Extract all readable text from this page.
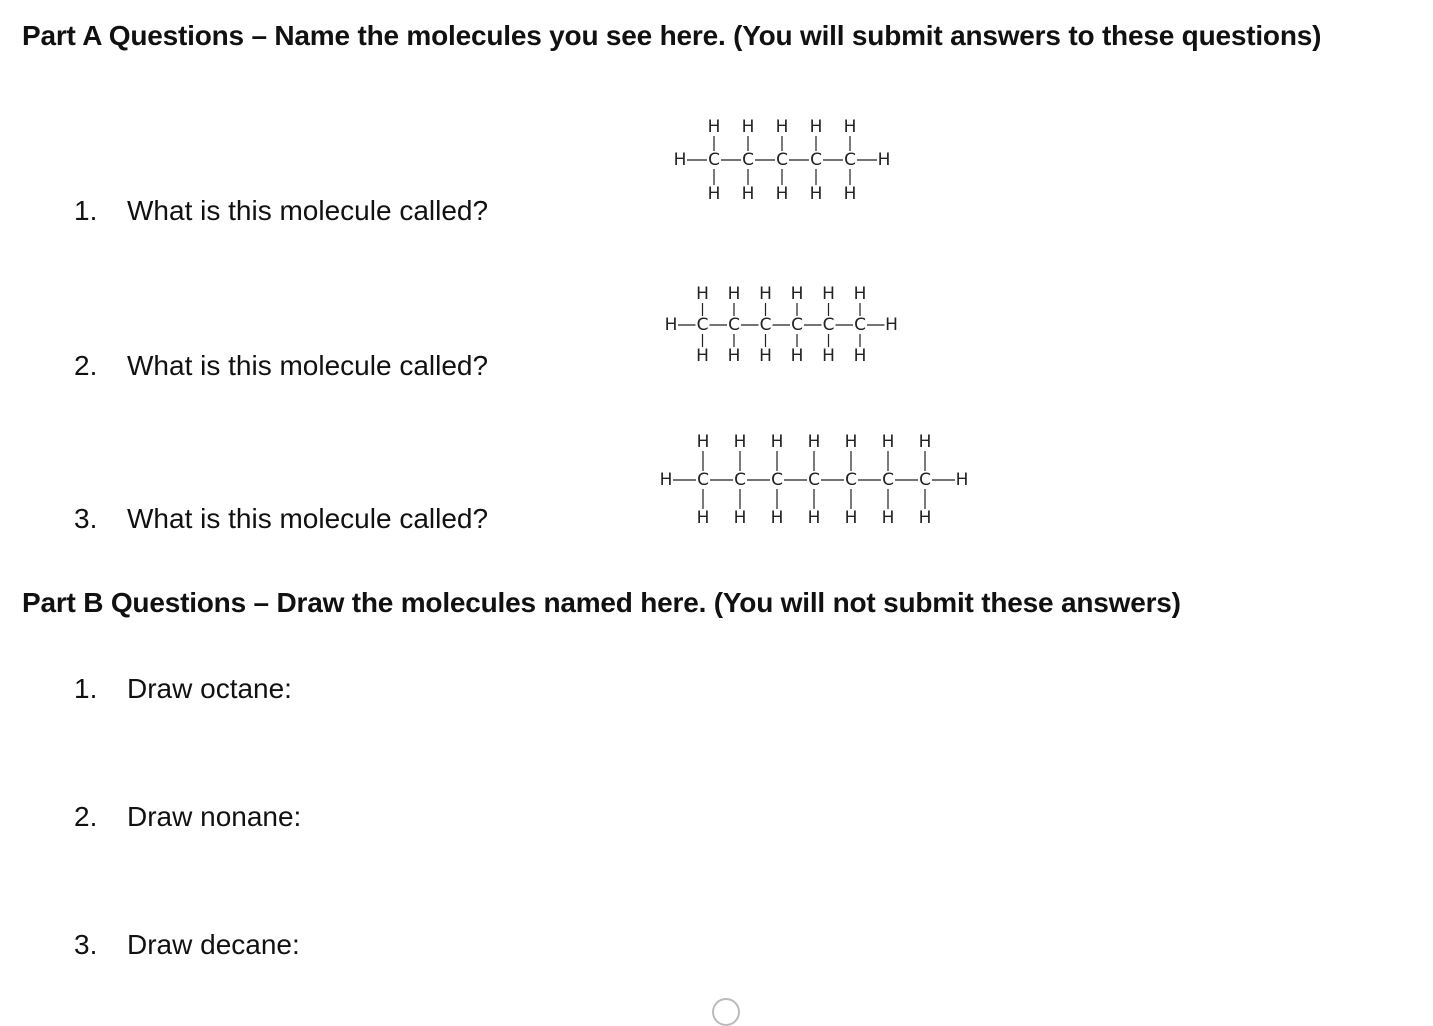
Part A Questions – Name the molecules you see here. (You will submit answers to these questions)
1. What is this molecule called?
2. What is this molecule called?
3. What is this molecule called?
H C
H
H
C
H
H
C
H
H
C
H
H
C
H
H
H
H C
H
H
C
H
H
C
H
H
C
H
H
C
H
H
C
H
H
H
H C
H
H
C
H
H
C
H
H
C
H
H
C
H
H
C
H
H
C
H
H
H
Part B Questions – Draw the molecules named here. (You will not submit these answers)
1. Draw octane:
2. Draw nonane:
3. Draw decane:
